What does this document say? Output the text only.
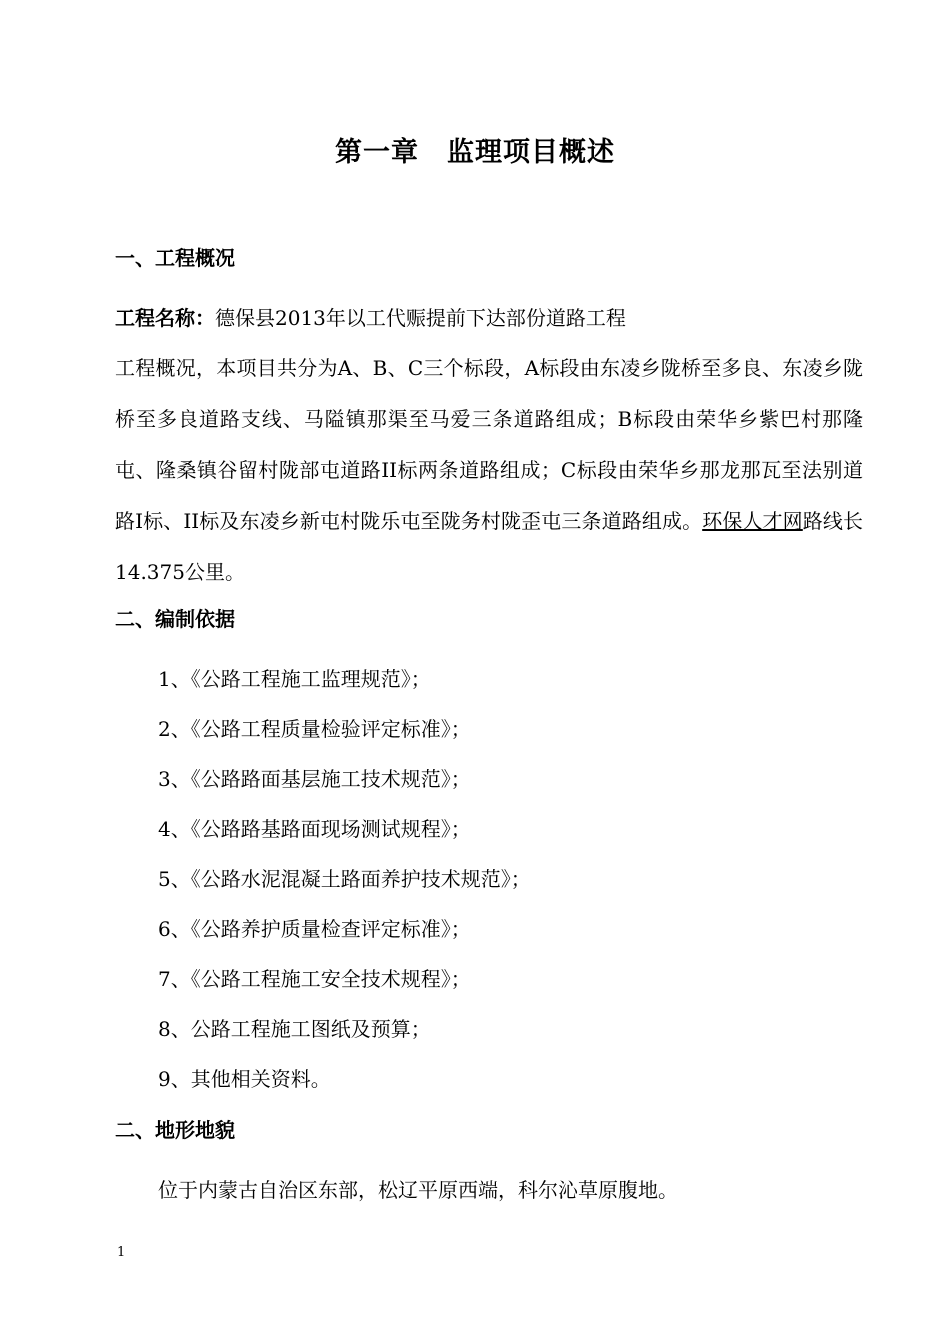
第一章　监理项目概述
一、工程概况
工程名称：德保县2013年以工代赈提前下达部份道路工程
工程概况，本项目共分为A、B、C三个标段，A标段由东凌乡陇桥至多良、东凌乡陇桥至多良道路支线、马隘镇那渠至马爱三条道路组成；B标段由荣华乡紫巴村那隆屯、隆桑镇谷留村陇部屯道路II标两条道路组成；C标段由荣华乡那龙那瓦至法别道路I标、II标及东凌乡新屯村陇乐屯至陇务村陇歪屯三条道路组成。环保人才网路线长14.375公里。
二、编制依据
1、《公路工程施工监理规范》；
2、《公路工程质量检验评定标准》；
3、《公路路面基层施工技术规范》；
4、《公路路基路面现场测试规程》；
5、《公路水泥混凝土路面养护技术规范》；
6、《公路养护质量检查评定标准》；
7、《公路工程施工安全技术规程》；
8、公路工程施工图纸及预算；
9、其他相关资料。
二、地形地貌
位于内蒙古自治区东部，松辽平原西端，科尔沁草原腹地。
1
